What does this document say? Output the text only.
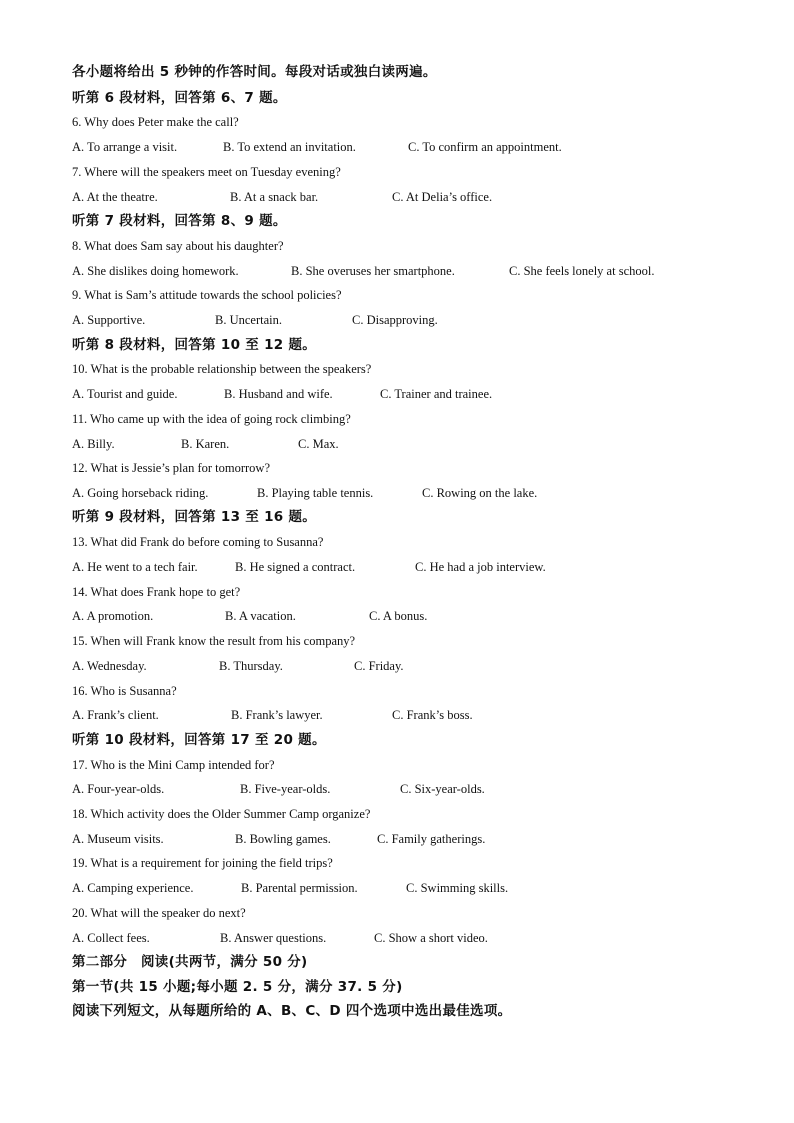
各小题将给出 5 秒钟的作答时间。每段对话或独白读两遍。
听第 6 段材料，回答第 6、7 题。
6. Why does Peter make the call?
A. To arrange a visit.	B. To extend an invitation.	C. To confirm an appointment.
7. Where will the speakers meet on Tuesday evening?
A. At the theatre.	B. At a snack bar.	C. At Delia’s office.
听第 7 段材料，回答第 8、9 题。
8. What does Sam say about his daughter?
A. She dislikes doing homework.	B. She overuses her smartphone.	C. She feels lonely at school.
9. What is Sam’s attitude towards the school policies?
A. Supportive.	B. Uncertain.	C. Disapproving.
听第 8 段材料，回答第 10 至 12 题。
10. What is the probable relationship between the speakers?
A. Tourist and guide.	B. Husband and wife.	C. Trainer and trainee.
11. Who came up with the idea of going rock climbing?
A. Billy.	B. Karen.	C. Max.
12. What is Jessie’s plan for tomorrow?
A. Going horseback riding.	B. Playing table tennis.	C. Rowing on the lake.
听第 9 段材料，回答第 13 至 16 题。
13. What did Frank do before coming to Susanna?
A. He went to a tech fair.	B. He signed a contract.	C. He had a job interview.
14. What does Frank hope to get?
A. A promotion.	B. A vacation.	C. A bonus.
15. When will Frank know the result from his company?
A. Wednesday.	B. Thursday.	C. Friday.
16. Who is Susanna?
A. Frank’s client.	B. Frank’s lawyer.	C. Frank’s boss.
听第 10 段材料，回答第 17 至 20 题。
17. Who is the Mini Camp intended for?
A. Four-year-olds.	B. Five-year-olds.	C. Six-year-olds.
18. Which activity does the Older Summer Camp organize?
A. Museum visits.	B. Bowling games.	C. Family gatherings.
19. What is a requirement for joining the field trips?
A. Camping experience.	B. Parental permission.	C. Swimming skills.
20. What will the speaker do next?
A. Collect fees.	B. Answer questions.	C. Show a short video.
第二部分　阅读(共两节，满分 50 分)
第一节(共 15 小题;每小题 2. 5 分，满分 37. 5 分)
阅读下列短文，从每题所给的 A、B、C、D 四个选项中选出最佳选项。
